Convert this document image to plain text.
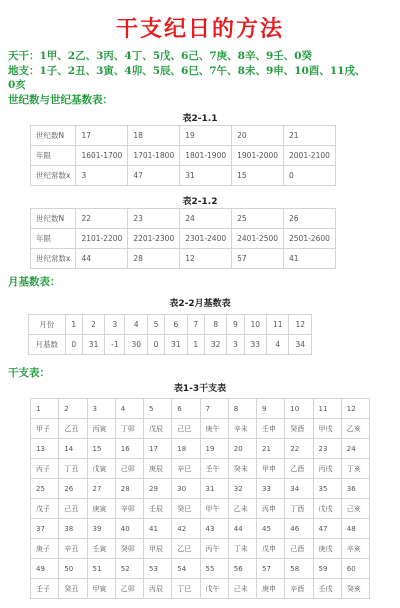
干支纪日的方法
天干：1甲、2乙、3丙、4丁、5戊、6己、7庚、8辛、9壬、0癸
地支：1子、2丑、3寅、4卯、5辰、6巳、7午、8未、9申、10酉、11戌、
0亥
世纪数与世纪基数表：
表2-1.1
世纪数N	17	18	19	20	21
年限	1601-1700	1701-1800	1801-1900	1901-2000	2001-2100
世纪常数x	3	47	31	15	0
表2-1.2
世纪数N	22	23	24	25	26
年限	2101-2200	2201-2300	2301-2400	2401-2500	2501-2600
世纪常数x	44	28	12	57	41
月基数表：
表2-2月基数表
月份	1	2	3	4	5	6	7	8	9	10	11	12
月基数	0	31	-1	30	0	31	1	32	3	33	4	34
干支表：
表1-3干支表
1	2	3	4	5	6	7	8	9	10	11	12
甲子	乙丑	丙寅	丁卯	戊辰	己巳	庚午	辛未	壬申	癸酉	甲戌	乙亥
13	14	15	16	17	18	19	20	21	22	23	24
丙子	丁丑	戊寅	己卯	庚辰	辛巳	壬午	癸未	甲申	乙酉	丙戌	丁亥
25	26	27	28	29	30	31	32	33	34	35	36
戊子	己丑	庚寅	辛卯	壬辰	癸巳	甲午	乙未	丙申	丁酉	戊戌	己亥
37	38	39	40	41	42	43	44	45	46	47	48
庚子	辛丑	壬寅	癸卯	甲辰	乙巳	丙午	丁未	戊申	己酉	庚戌	辛亥
49	50	51	52	53	54	55	56	57	58	59	60
壬子	癸丑	甲寅	乙卯	丙辰	丁巳	戊午	己未	庚申	辛酉	壬戌	癸亥
